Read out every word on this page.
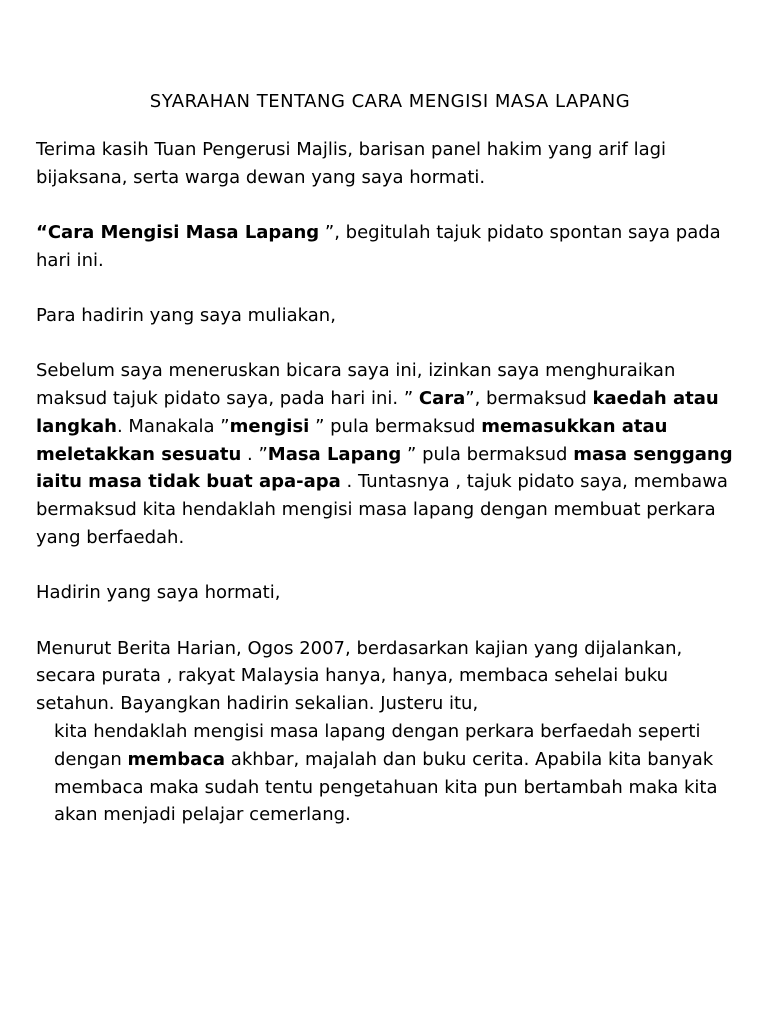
SYARAHAN TENTANG CARA MENGISI MASA LAPANG

Terima kasih Tuan Pengerusi Majlis, barisan panel hakim yang arif lagi bijaksana, serta warga dewan yang saya hormati.

“Cara Mengisi Masa Lapang ”, begitulah tajuk pidato spontan saya pada hari ini.

Para hadirin yang saya muliakan,

Sebelum saya meneruskan bicara saya ini, izinkan saya menghuraikan maksud tajuk pidato saya, pada hari ini. ” Cara”, bermaksud kaedah atau langkah. Manakala ”mengisi ” pula bermaksud memasukkan atau meletakkan sesuatu . ”Masa Lapang ” pula bermaksud masa senggang iaitu masa tidak buat apa-apa . Tuntasnya , tajuk pidato saya, membawa bermaksud kita hendaklah mengisi masa lapang dengan membuat perkara yang berfaedah.

Hadirin yang saya hormati,

Menurut Berita Harian, Ogos 2007, berdasarkan kajian yang dijalankan, secara purata , rakyat Malaysia hanya, hanya, membaca sehelai buku setahun. Bayangkan hadirin sekalian. Justeru itu,

kita hendaklah mengisi masa lapang dengan perkara berfaedah seperti dengan membaca akhbar, majalah dan buku cerita. Apabila kita banyak membaca maka sudah tentu pengetahuan kita pun bertambah maka kita akan menjadi pelajar cemerlang.
